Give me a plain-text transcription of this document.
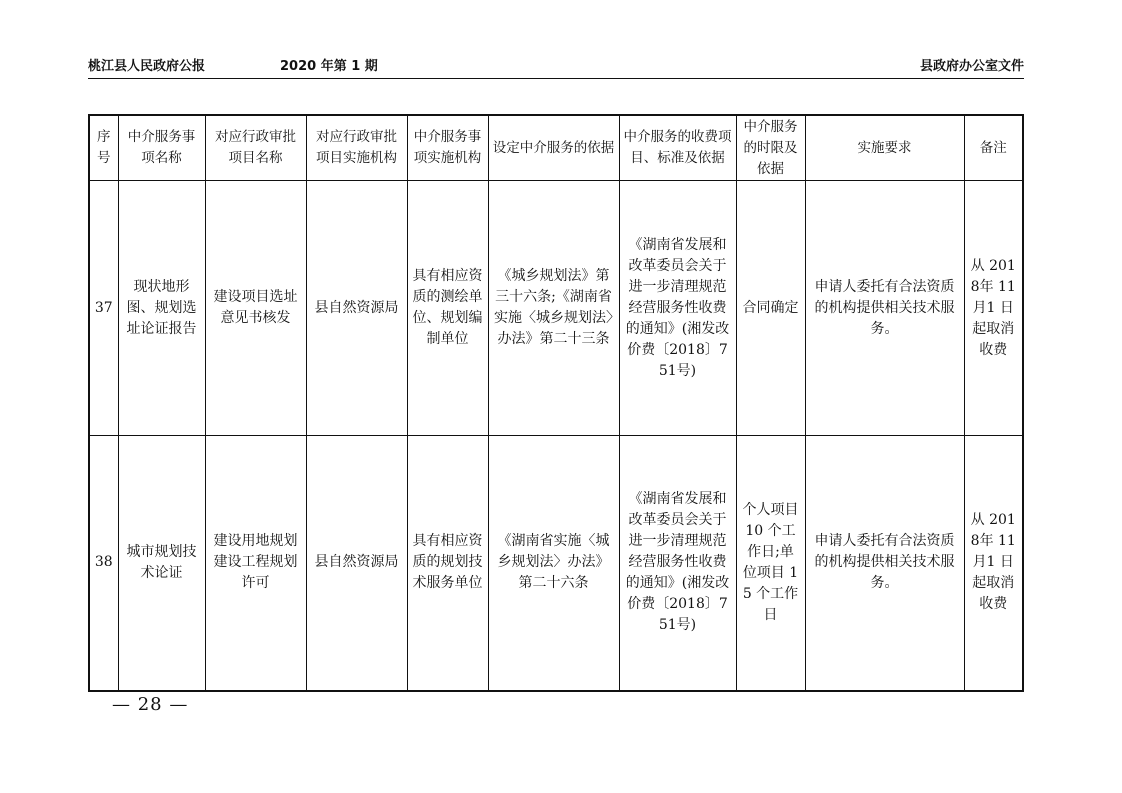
桃江县人民政府公报	2020 年第 1 期	县政府办公室文件
序号	中介服务事项名称	对应行政审批项目名称	对应行政审批项目实施机构	中介服务事项实施机构	设定中介服务的依据	中介服务的收费项目、标准及依据	中介服务的时限及依据	实施要求	备注
37	现状地形图、规划选址论证报告	建设项目选址意见书核发	县自然资源局	具有相应资质的测绘单位、规划编制单位	《城乡规划法》第三十六条;《湖南省实施〈城乡规划法〉办法》第二十三条	《湖南省发展和改革委员会关于进一步清理规范经营服务性收费的通知》(湘发改价费〔2018〕751号)	合同确定	申请人委托有合法资质的机构提供相关技术服务。	从 2018年 11 月1 日起取消收费
38	城市规划技术论证	建设用地规划建设工程规划许可	县自然资源局	具有相应资质的规划技术服务单位	《湖南省实施〈城乡规划法〉办法》第二十六条	《湖南省发展和改革委员会关于进一步清理规范经营服务性收费的通知》(湘发改价费〔2018〕751号)	个人项目 10 个工作日;单位项目 15 个工作日	申请人委托有合法资质的机构提供相关技术服务。	从 2018年 11 月1 日起取消收费
— 28 —
